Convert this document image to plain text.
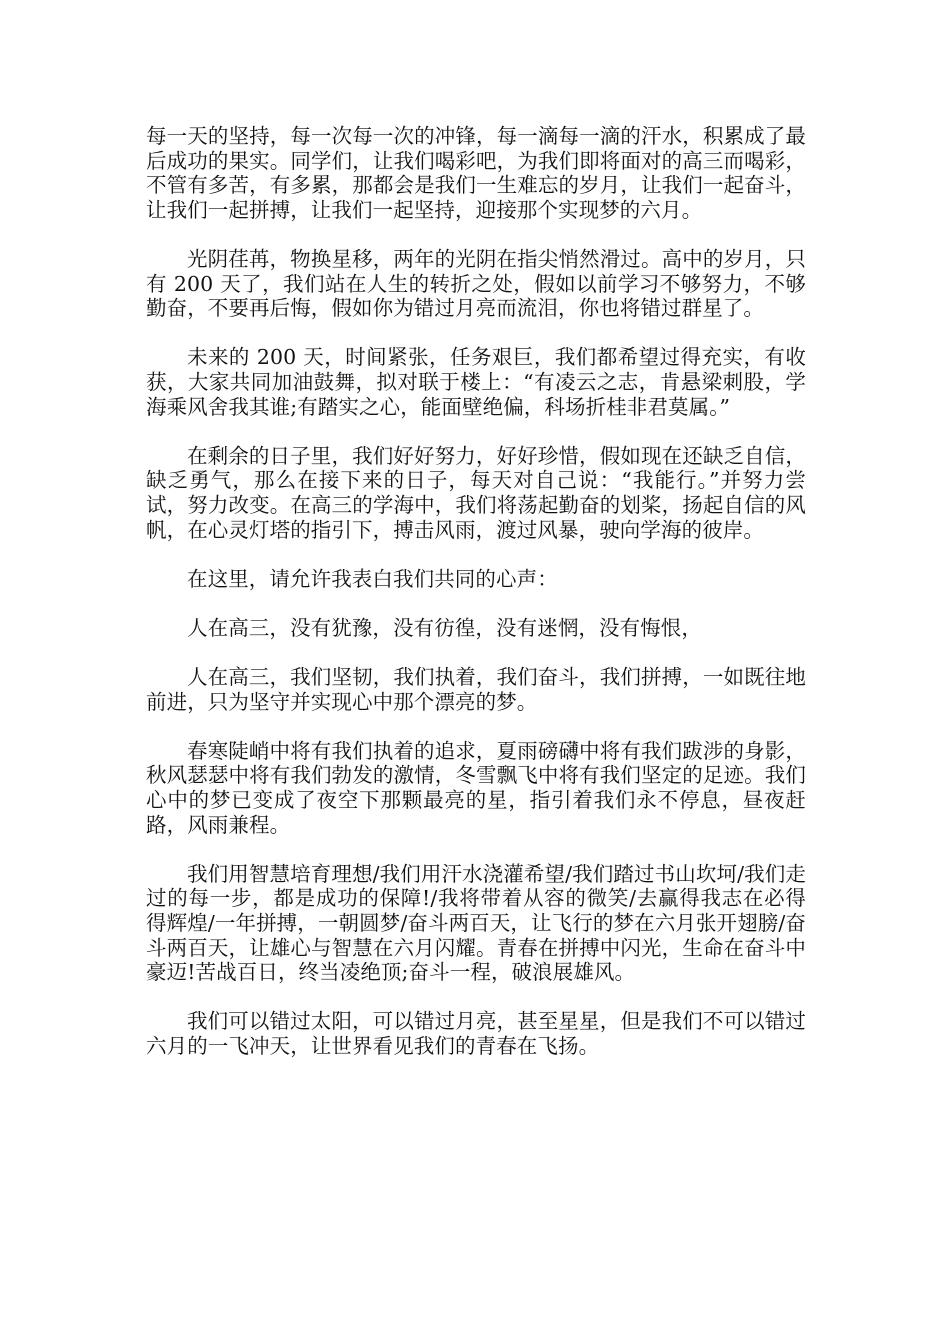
每一天的坚持，每一次每一次的冲锋，每一滴每一滴的汗水，积累成了最后成功的果实。同学们，让我们喝彩吧，为我们即将面对的高三而喝彩，不管有多苦，有多累，那都会是我们一生难忘的岁月，让我们一起奋斗，让我们一起拼搏，让我们一起坚持，迎接那个实现梦的六月。

光阴荏苒，物换星移，两年的光阴在指尖悄然滑过。高中的岁月，只有 200 天了，我们站在人生的转折之处，假如以前学习不够努力，不够勤奋，不要再后悔，假如你为错过月亮而流泪，你也将错过群星了。

未来的 200 天，时间紧张，任务艰巨，我们都希望过得充实，有收获，大家共同加油鼓舞，拟对联于楼上：“有凌云之志，肯悬梁刺股，学海乘风舍我其谁;有踏实之心，能面壁绝偏，科场折桂非君莫属。”

在剩余的日子里，我们好好努力，好好珍惜，假如现在还缺乏自信，缺乏勇气，那么在接下来的日子，每天对自己说：“我能行。”并努力尝试，努力改变。在高三的学海中，我们将荡起勤奋的划桨，扬起自信的风帆，在心灵灯塔的指引下，搏击风雨，渡过风暴，驶向学海的彼岸。

在这里，请允许我表白我们共同的心声：

人在高三，没有犹豫，没有彷徨，没有迷惘，没有悔恨，

人在高三，我们坚韧，我们执着，我们奋斗，我们拼搏，一如既往地前进，只为坚守并实现心中那个漂亮的梦。

春寒陡峭中将有我们执着的追求，夏雨磅礴中将有我们跋涉的身影，秋风瑟瑟中将有我们勃发的激情，冬雪飘飞中将有我们坚定的足迹。我们心中的梦已变成了夜空下那颗最亮的星，指引着我们永不停息，昼夜赶路，风雨兼程。

我们用智慧培育理想/我们用汗水浇灌希望/我们踏过书山坎坷/我们走过的每一步，都是成功的保障!/我将带着从容的微笑/去赢得我志在必得得辉煌/一年拼搏，一朝圆梦/奋斗两百天，让飞行的梦在六月张开翅膀/奋斗两百天，让雄心与智慧在六月闪耀。青春在拼搏中闪光，生命在奋斗中豪迈!苦战百日，终当凌绝顶;奋斗一程，破浪展雄风。

我们可以错过太阳，可以错过月亮，甚至星星，但是我们不可以错过六月的一飞冲天，让世界看见我们的青春在飞扬。
